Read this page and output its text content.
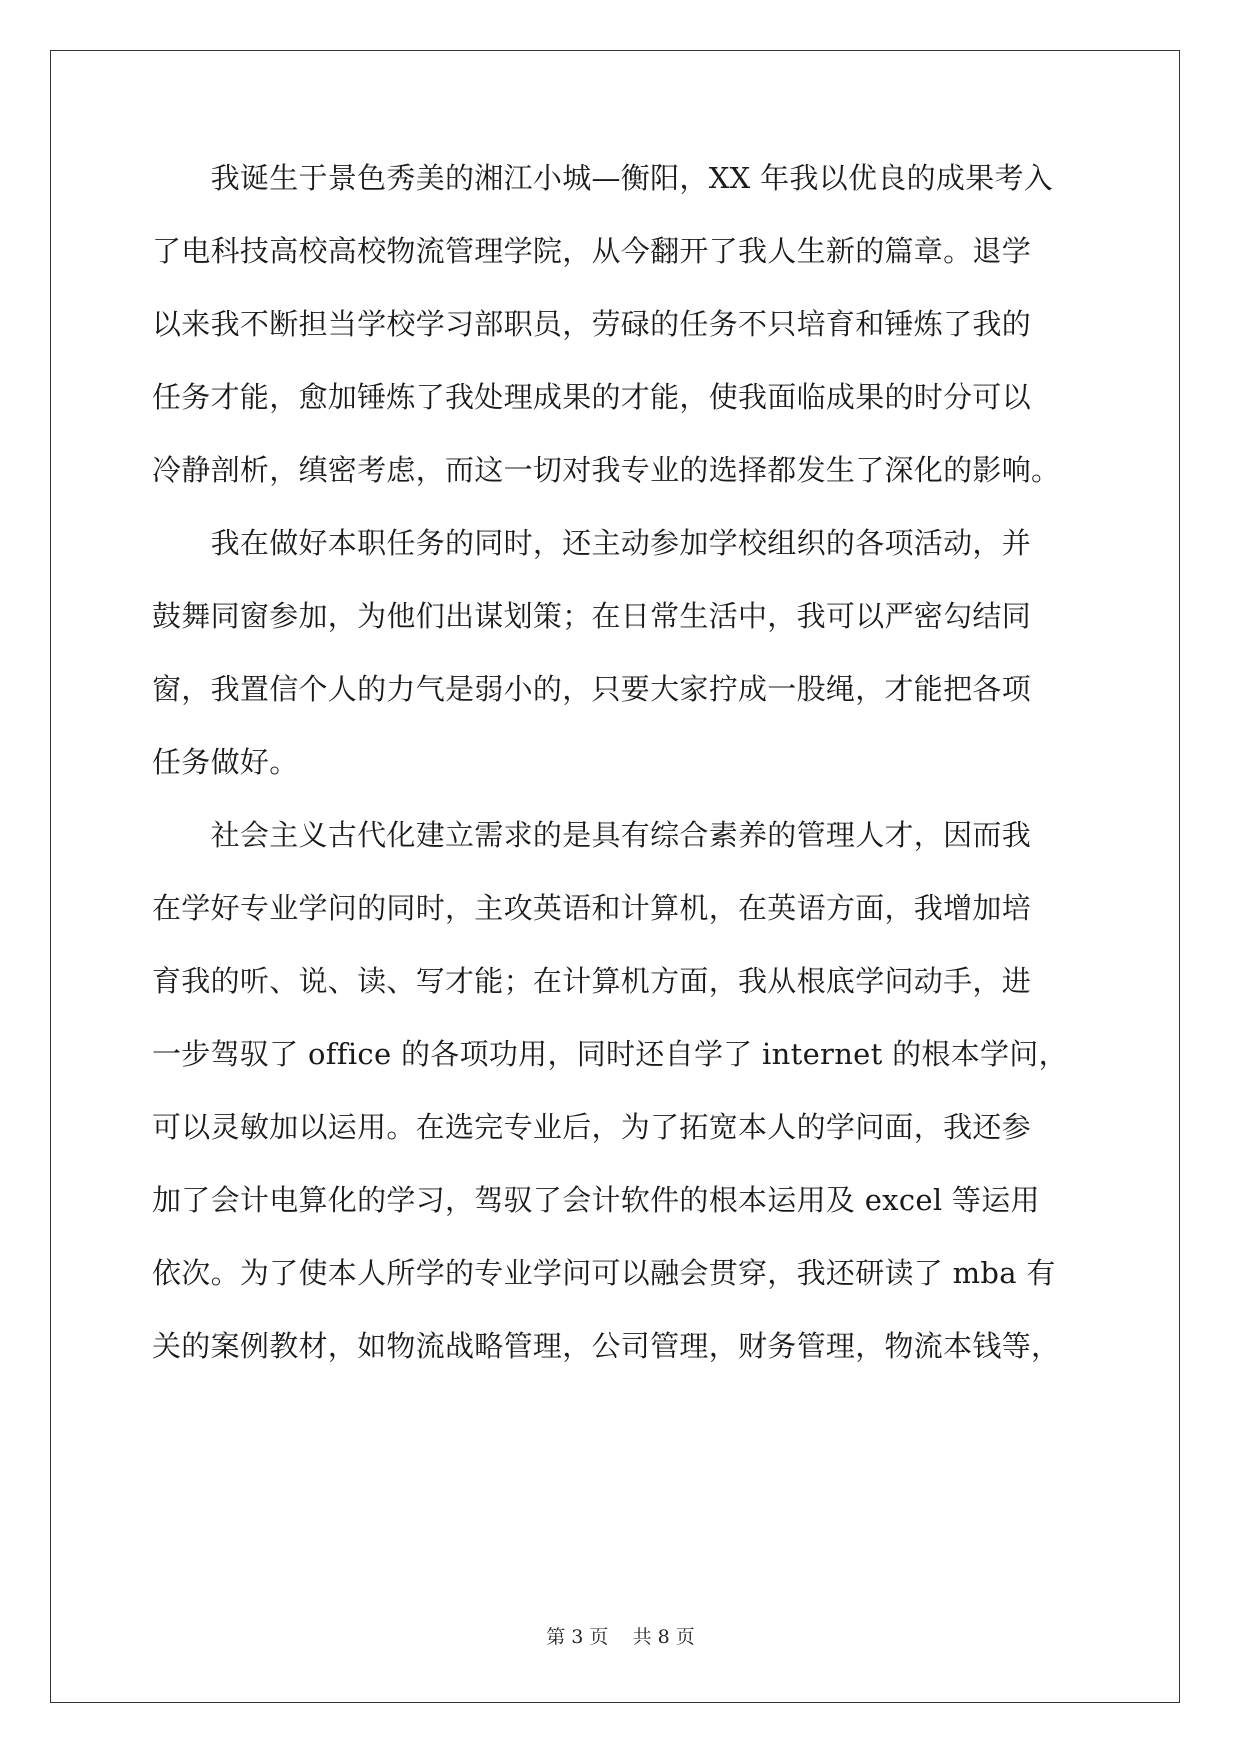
　　我诞生于景色秀美的湘江小城—衡阳，XX 年我以优良的成果考入
了电科技高校高校物流管理学院，从今翻开了我人生新的篇章。退学
以来我不断担当学校学习部职员，劳碌的任务不只培育和锤炼了我的
任务才能，愈加锤炼了我处理成果的才能，使我面临成果的时分可以
冷静剖析，缜密考虑，而这一切对我专业的选择都发生了深化的影响。
　　我在做好本职任务的同时，还主动参加学校组织的各项活动，并
鼓舞同窗参加，为他们出谋划策；在日常生活中，我可以严密勾结同
窗，我置信个人的力气是弱小的，只要大家拧成一股绳，才能把各项
任务做好。
　　社会主义古代化建立需求的是具有综合素养的管理人才，因而我
在学好专业学问的同时，主攻英语和计算机，在英语方面，我增加培
育我的听、说、读、写才能；在计算机方面，我从根底学问动手，进
一步驾驭了 office 的各项功用，同时还自学了 internet 的根本学问，
可以灵敏加以运用。在选完专业后，为了拓宽本人的学问面，我还参
加了会计电算化的学习，驾驭了会计软件的根本运用及 excel 等运用
依次。为了使本人所学的专业学问可以融会贯穿，我还研读了 mba 有
关的案例教材，如物流战略管理，公司管理，财务管理，物流本钱等，
第 3 页    共 8 页
